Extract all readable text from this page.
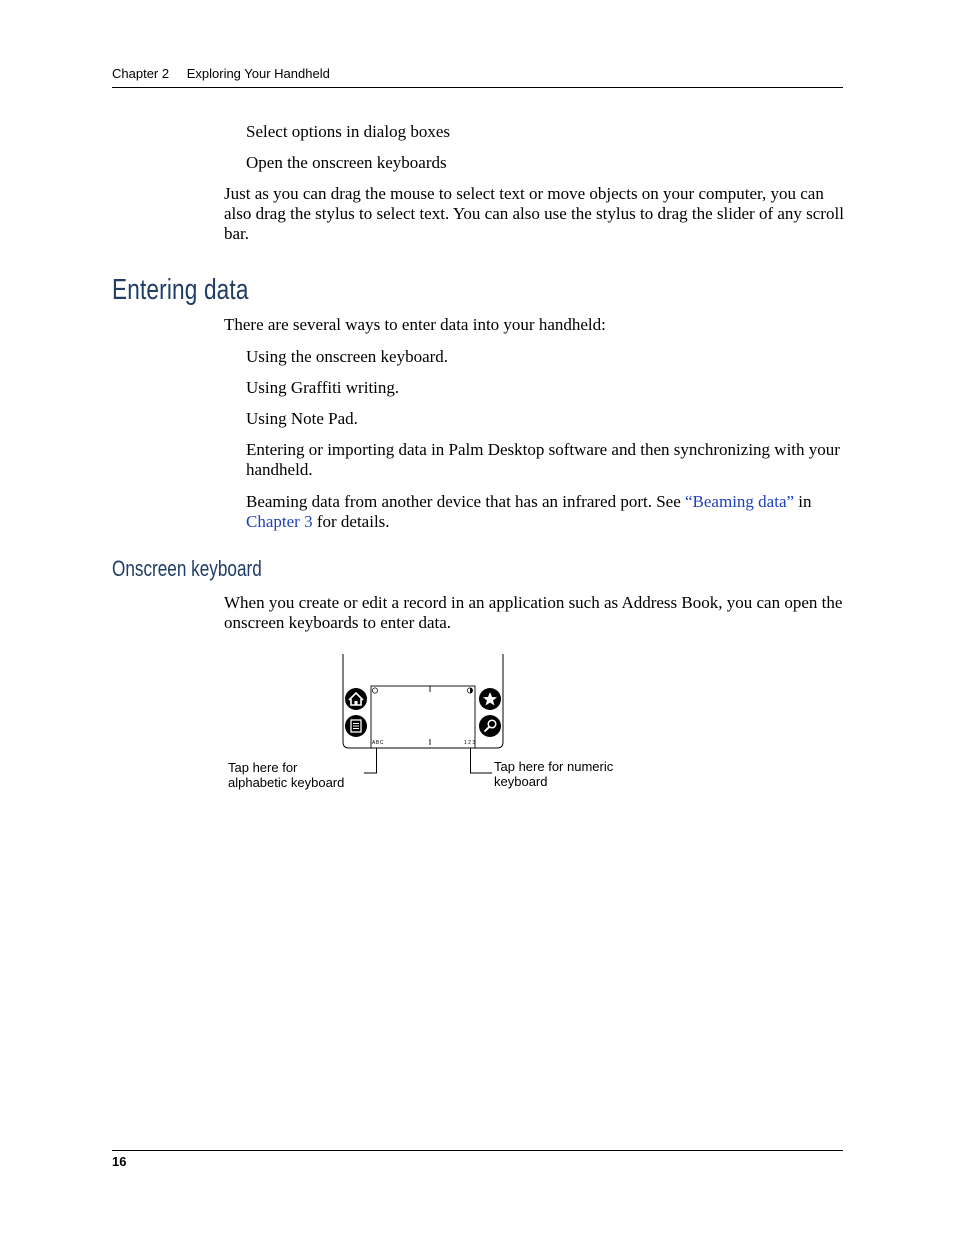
Chapter 2 Exploring Your Handheld
Select options in dialog boxes
Open the onscreen keyboards
Just as you can drag the mouse to select text or move objects on your computer, you can also drag the stylus to select text. You can also use the stylus to drag the slider of any scroll bar.
Entering data
There are several ways to enter data into your handheld:
Using the onscreen keyboard.
Using Graffiti writing.
Using Note Pad.
Entering or importing data in Palm Desktop software and then synchronizing with your handheld.
Beaming data from another device that has an infrared port. See “Beaming data” in Chapter 3 for details.
Onscreen keyboard
When you create or edit a record in an application such as Address Book, you can open the onscreen keyboards to enter data.
ABC	1 2 3
Tap here for
alphabetic keyboard
Tap here for numeric
keyboard
16
